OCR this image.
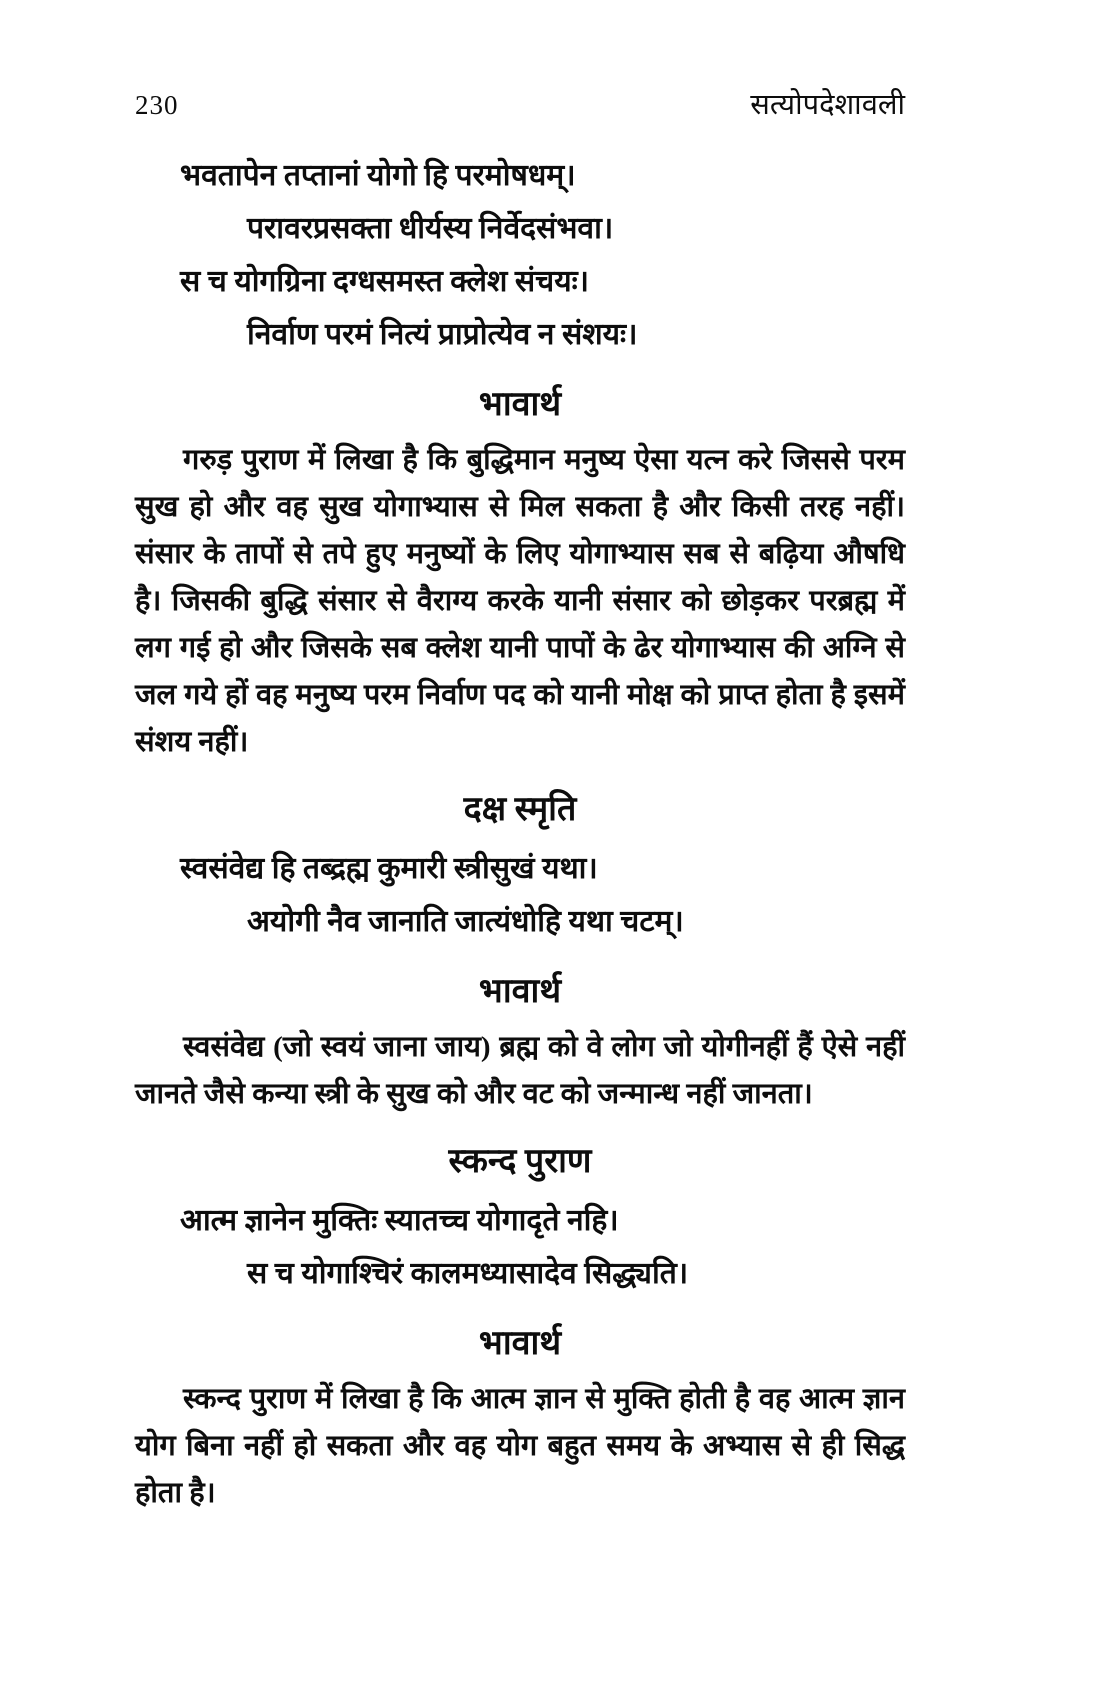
230	सत्योपदेशावली
भवतापेन तप्तानां योगो हि परमोषधम्।
परावरप्रसक्ता धीर्यस्य निर्वेदसंभवा।
स च योगग्रिना दग्धसमस्त क्लेश संचयः।
निर्वाण परमं नित्यं प्राप्रोत्येव न संशयः।
भावार्थ

गरुड़ पुराण में लिखा है कि बुद्धिमान मनुष्य ऐसा यत्न करे जिससे परम सुख हो और वह सुख योगाभ्यास से मिल सकता है और किसी तरह नहीं। संसार के तापों से तपे हुए मनुष्यों के लिए योगाभ्यास सब से बढ़िया औषधि है। जिसकी बुद्धि संसार से वैराग्य करके यानी संसार को छोड़कर परब्रह्म में लग गई हो और जिसके सब क्लेश यानी पापों के ढेर योगाभ्यास की अग्नि से जल गये हों वह मनुष्य परम निर्वाण पद को यानी मोक्ष को प्राप्त होता है इसमें संशय नहीं।

दक्ष स्मृति
स्वसंवेद्य हि तब्द्रह्म कुमारी स्त्रीसुखं यथा।
अयोगी नैव जानाति जात्यंधोहि यथा चटम्।
भावार्थ

स्वसंवेद्य (जो स्वयं जाना जाय) ब्रह्म को वे लोग जो योगीनहीं हैं ऐसे नहीं जानते जैसे कन्या स्त्री के सुख को और वट को जन्मान्ध नहीं जानता।

स्कन्द पुराण
आत्म ज्ञानेन मुक्तिः स्यातच्च योगादृते नहि।
स च योगाश्चिरं कालमध्यासादेव सिद्ध्यति।
भावार्थ

स्कन्द पुराण में लिखा है कि आत्म ज्ञान से मुक्ति होती है वह आत्म ज्ञान योग बिना नहीं हो सकता और वह योग बहुत समय के अभ्यास से ही सिद्ध होता है।
